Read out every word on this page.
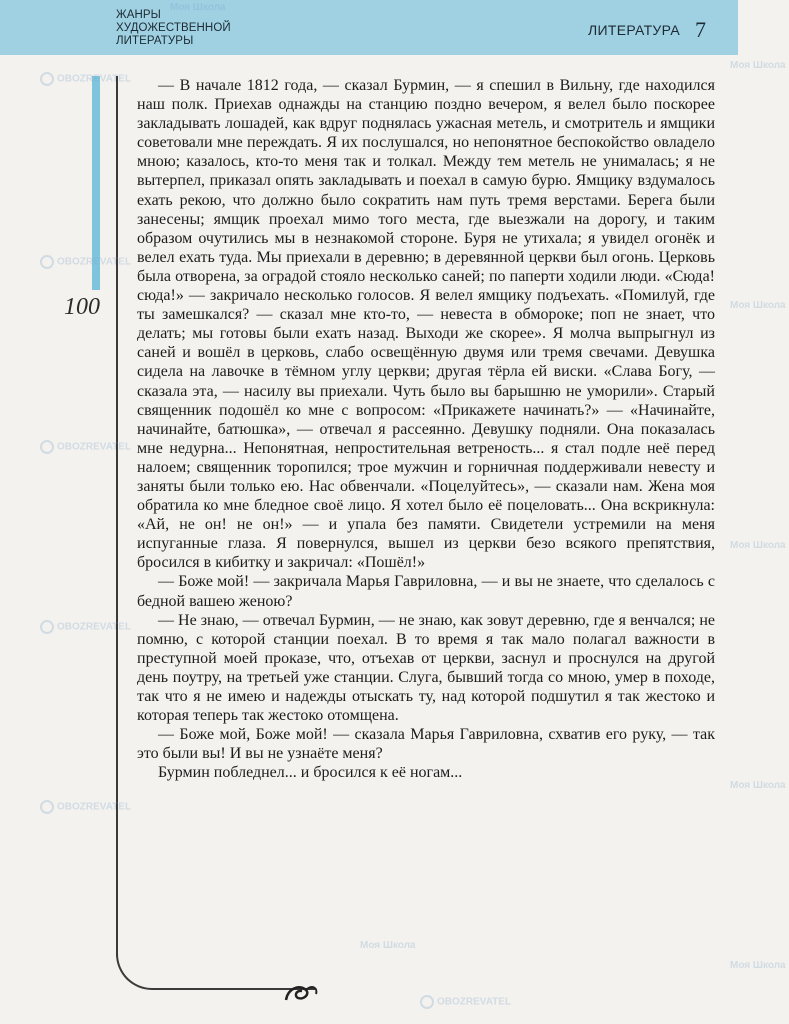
ЖАНРЫ
ХУДОЖЕСТВЕННОЙ
ЛИТЕРАТУРЫ
ЛИТЕРАТУРА 7
100

— В начале 1812 года, — сказал Бурмин, — я спешил в Вильну, где находился наш полк. Приехав однажды на станцию поздно вечером, я велел было поскорее закладывать лошадей, как вдруг поднялась ужасная метель, и смотритель и ямщики советовали мне переждать. Я их послушался, но непонятное беспокойство овладело мною; казалось, кто-то меня так и толкал. Между тем метель не унималась; я не вытерпел, приказал опять закладывать и поехал в самую бурю. Ямщику вздумалось ехать рекою, что должно было сократить нам путь тремя верстами. Берега были занесены; ямщик проехал мимо того места, где выезжали на дорогу, и таким образом очутились мы в незнакомой стороне. Буря не утихала; я увидел огонёк и велел ехать туда. Мы приехали в деревню; в деревянной церкви был огонь. Церковь была отворена, за оградой стояло несколько саней; по паперти ходили люди. «Сюда! сюда!» — закричало несколько голосов. Я велел ямщику подъехать. «Помилуй, где ты замешкался? — сказал мне кто-то, — невеста в обмороке; поп не знает, что делать; мы готовы были ехать назад. Выходи же скорее». Я молча выпрыгнул из саней и вошёл в церковь, слабо освещённую двумя или тремя свечами. Девушка сидела на лавочке в тёмном углу церкви; другая тёрла ей виски. «Слава Богу, — сказала эта, — насилу вы приехали. Чуть было вы барышню не уморили». Старый священник подошёл ко мне с вопросом: «Прикажете начинать?» — «Начинайте, начинайте, батюшка», — отвечал я рассеянно. Девушку подняли. Она показалась мне недурна... Непонятная, непростительная ветреность... я стал подле неё перед налоем; священник торопился; трое мужчин и горничная поддерживали невесту и заняты были только ею. Нас обвенчали. «Поцелуйтесь», — сказали нам. Жена моя обратила ко мне бледное своё лицо. Я хотел было её поцеловать... Она вскрикнула: «Ай, не он! не он!» — и упала без памяти. Свидетели устремили на меня испуганные глаза. Я повернулся, вышел из церкви безо всякого препятствия, бросился в кибитку и закричал: «Пошёл!»

— Боже мой! — закричала Марья Гавриловна, — и вы не знаете, что сделалось с бедной вашею женою?

— Не знаю, — отвечал Бурмин, — не знаю, как зовут деревню, где я венчался; не помню, с которой станции поехал. В то время я так мало полагал важности в преступной моей проказе, что, отъехав от церкви, заснул и проснулся на другой день поутру, на третьей уже станции. Слуга, бывший тогда со мною, умер в походе, так что я не имею и надежды отыскать ту, над которой подшутил я так жестоко и которая теперь так жестоко отомщена.

— Боже мой, Боже мой! — сказала Марья Гавриловна, схватив его руку, — так это были вы! И вы не узнаёте меня?

Бурмин побледнел... и бросился к её ногам...

Моя Школа
OBOZREVATEL
Моя Школа
OBOZREVATEL
Моя Школа
OBOZREVATEL
Моя Школа
OBOZREVATEL
Моя Школа
OBOZREVATEL
Моя Школа
OBOZREVATEL
Моя Школа
